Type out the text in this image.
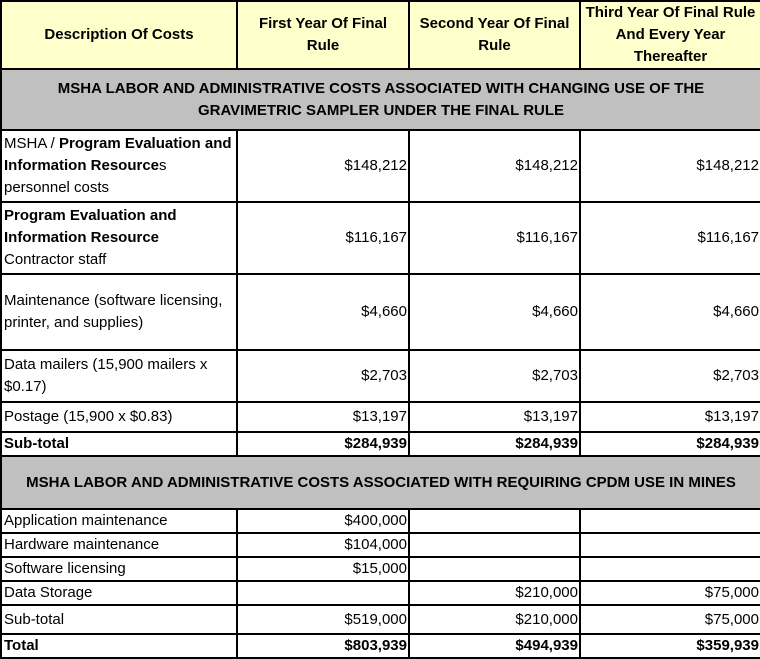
Description Of Costs	First Year Of Final Rule	Second Year Of Final Rule	Third Year Of Final Rule And Every Year Thereafter
MSHA LABOR AND ADMINISTRATIVE COSTS ASSOCIATED WITH CHANGING USE OF THE GRAVIMETRIC SAMPLER UNDER THE FINAL RULE			
MSHA / Program Evaluation and Information Resources
personnel costs	$148,212	$148,212	$148,212
Program Evaluation and Information Resource
Contractor staff	$116,167	$116,167	$116,167
Maintenance (software licensing, printer, and supplies)	$4,660	$4,660	$4,660
Data mailers (15,900 mailers x $0.17)	$2,703	$2,703	$2,703
Postage (15,900 x $0.83)	$13,197	$13,197	$13,197
Sub-total	$284,939	$284,939	$284,939
MSHA LABOR AND ADMINISTRATIVE COSTS ASSOCIATED WITH REQUIRING CPDM USE IN MINES			
Application maintenance	$400,000		
Hardware maintenance	$104,000		
Software licensing	$15,000		
Data Storage		$210,000	$75,000
Sub-total	$519,000	$210,000	$75,000
Total	$803,939	$494,939	$359,939
